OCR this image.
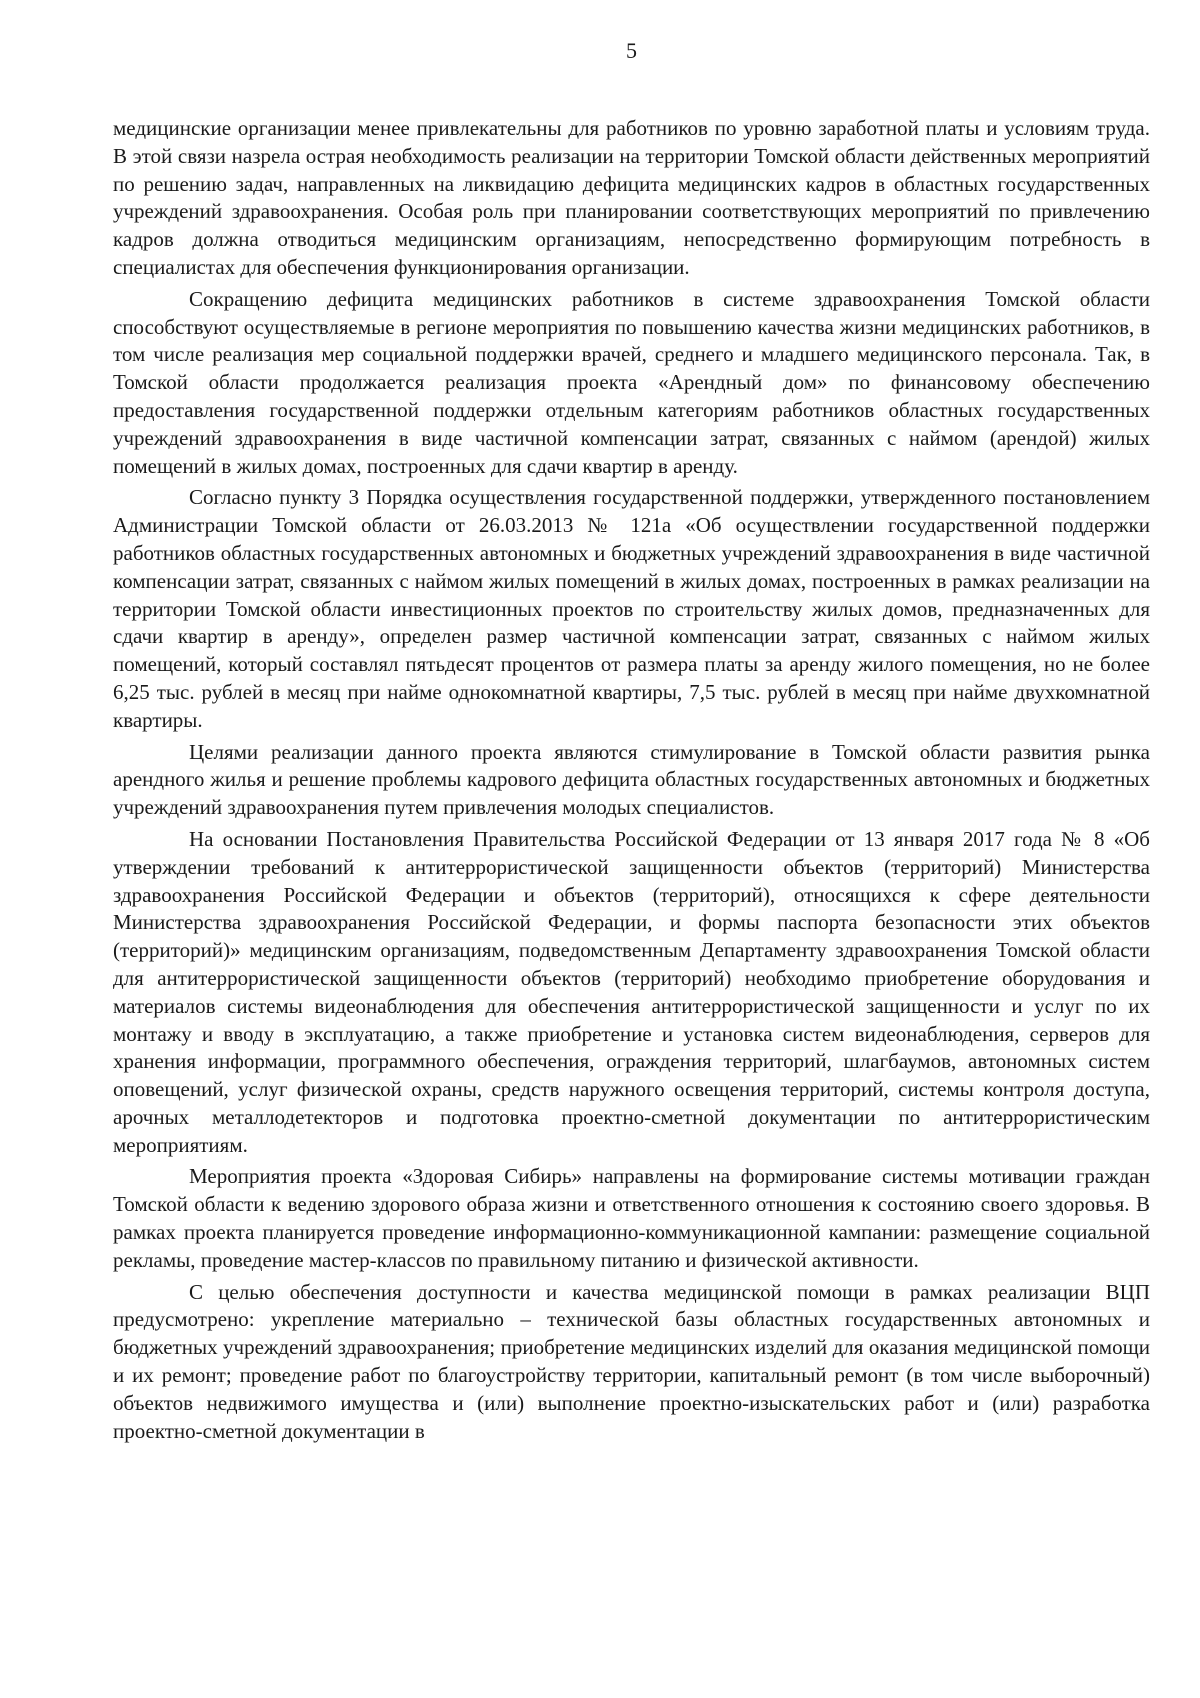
5

медицинские организации менее привлекательны для работников по уровню заработной платы и условиям труда. В этой связи назрела острая необходимость реализации на территории Томской области действенных мероприятий по решению задач, направленных на ликвидацию дефицита медицинских кадров в областных государственных учреждений здравоохранения. Особая роль при планировании соответствующих мероприятий по привлечению кадров должна отводиться медицинским организациям, непосредственно формирующим потребность в специалистах для обеспечения функционирования организации.

Сокращению дефицита медицинских работников в системе здравоохранения Томской области способствуют осуществляемые в регионе мероприятия по повышению качества жизни медицинских работников, в том числе реализация мер социальной поддержки врачей, среднего и младшего медицинского персонала. Так, в Томской области продолжается реализация проекта «Арендный дом» по финансовому обеспечению предоставления государственной поддержки отдельным категориям работников областных государственных учреждений здравоохранения в виде частичной компенсации затрат, связанных с наймом (арендой) жилых помещений в жилых домах, построенных для сдачи квартир в аренду.

Согласно пункту 3 Порядка осуществления государственной поддержки, утвержденного постановлением Администрации Томской области от 26.03.2013 № 121а «Об осуществлении государственной поддержки работников областных государственных автономных и бюджетных учреждений здравоохранения в виде частичной компенсации затрат, связанных с наймом жилых помещений в жилых домах, построенных в рамках реализации на территории Томской области инвестиционных проектов по строительству жилых домов, предназначенных для сдачи квартир в аренду», определен размер частичной компенсации затрат, связанных с наймом жилых помещений, который составлял пятьдесят процентов от размера платы за аренду жилого помещения, но не более 6,25 тыс. рублей в месяц при найме однокомнатной квартиры, 7,5 тыс. рублей в месяц при найме двухкомнатной квартиры.

Целями реализации данного проекта являются стимулирование в Томской области развития рынка арендного жилья и решение проблемы кадрового дефицита областных государственных автономных и бюджетных учреждений здравоохранения путем привлечения молодых специалистов.

На основании Постановления Правительства Российской Федерации от 13 января 2017 года № 8 «Об утверждении требований к антитеррористической защищенности объектов (территорий) Министерства здравоохранения Российской Федерации и объектов (территорий), относящихся к сфере деятельности Министерства здравоохранения Российской Федерации, и формы паспорта безопасности этих объектов (территорий)» медицинским организациям, подведомственным Департаменту здравоохранения Томской области для антитеррористической защищенности объектов (территорий) необходимо приобретение оборудования и материалов системы видеонаблюдения для обеспечения антитеррористической защищенности и услуг по их монтажу и вводу в эксплуатацию, а также приобретение и установка систем видеонаблюдения, серверов для хранения информации, программного обеспечения, ограждения территорий, шлагбаумов, автономных систем оповещений, услуг физической охраны, средств наружного освещения территорий, системы контроля доступа, арочных металлодетекторов и подготовка проектно-сметной документации по антитеррористическим мероприятиям.

Мероприятия проекта «Здоровая Сибирь» направлены на формирование системы мотивации граждан Томской области к ведению здорового образа жизни и ответственного отношения к состоянию своего здоровья. В рамках проекта планируется проведение информационно-коммуникационной кампании: размещение социальной рекламы, проведение мастер-классов по правильному питанию и физической активности.

С целью обеспечения доступности и качества медицинской помощи в рамках реализации ВЦП предусмотрено: укрепление материально – технической базы областных государственных автономных и бюджетных учреждений здравоохранения; приобретение медицинских изделий для оказания медицинской помощи и их ремонт; проведение работ по благоустройству территории, капитальный ремонт (в том числе выборочный) объектов недвижимого имущества и (или) выполнение проектно-изыскательских работ и (или) разработка проектно-сметной документации в
